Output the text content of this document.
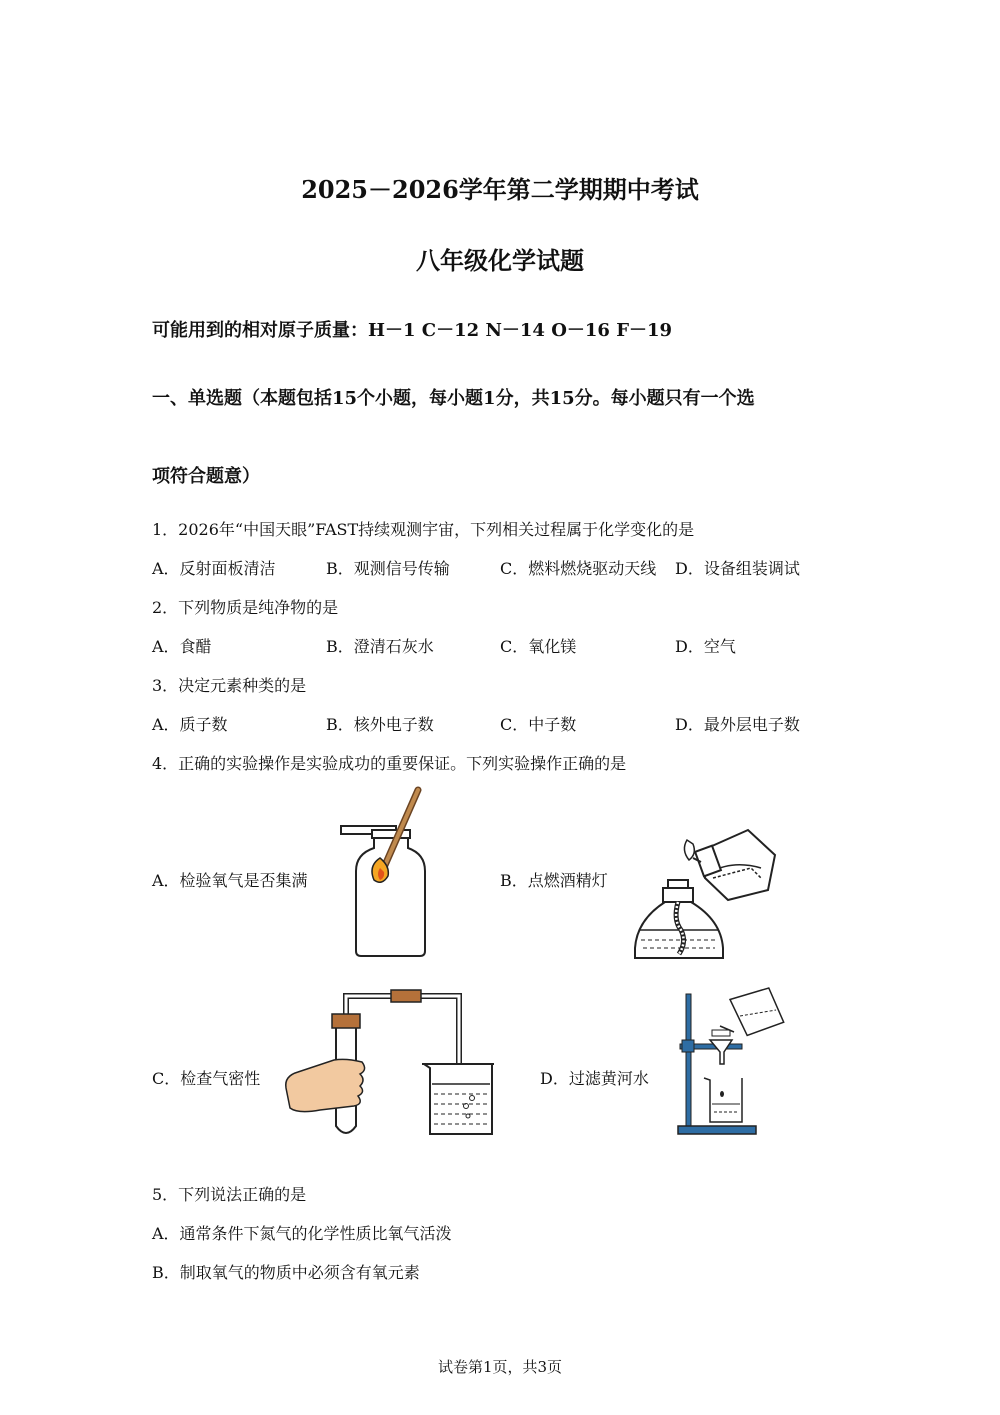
2025－2026学年第二学期期中考试
八年级化学试题
可能用到的相对原子质量：H－1 C－12 N－14 O－16 F－19
一、单选题（本题包括15个小题，每小题1分，共15分。每小题只有一个选
项符合题意）
1．2026年“中国天眼”FAST持续观测宇宙，下列相关过程属于化学变化的是
A．反射面板清洁	B．观测信号传输	C．燃料燃烧驱动天线 D．设备组装调试
2．下列物质是纯净物的是
A．食醋	B．澄清石灰水	C．氧化镁	D．空气
3．决定元素种类的是
A．质子数	B．核外电子数	C．中子数	D．最外层电子数
4．正确的实验操作是实验成功的重要保证。下列实验操作正确的是
A．检验氧气是否集满	B．点燃酒精灯
C．检查气密性	D．过滤黄河水
5．下列说法正确的是
A．通常条件下氮气的化学性质比氧气活泼
B．制取氧气的物质中必须含有氧元素
试卷第1页，共3页
